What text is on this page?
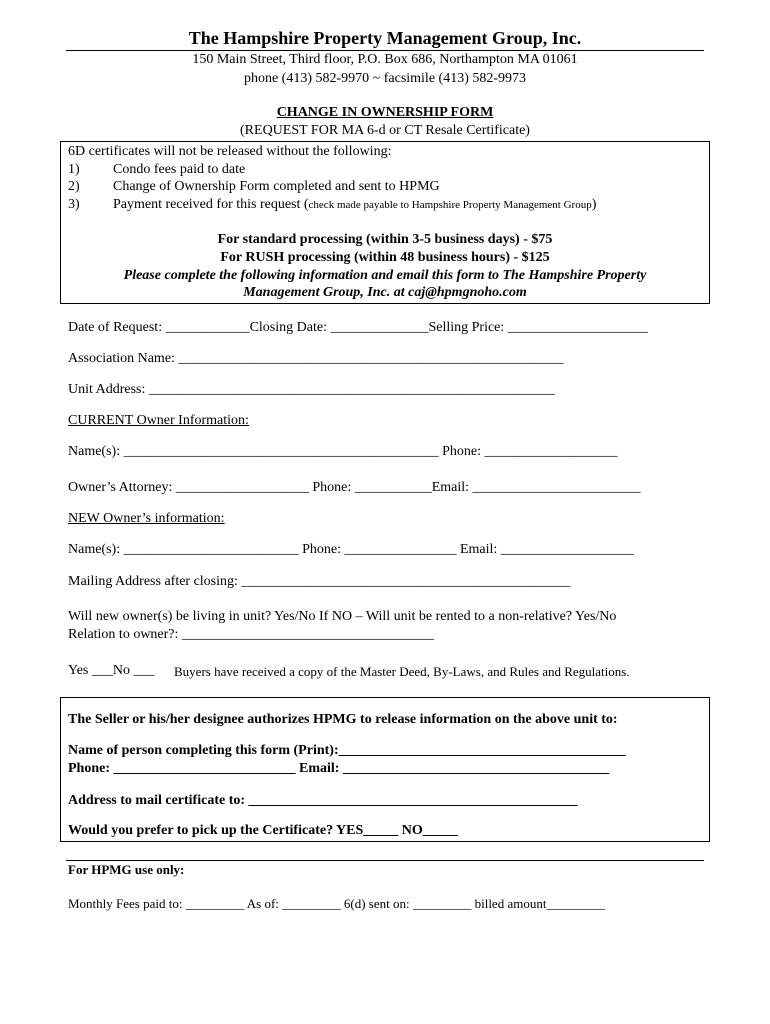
The Hampshire Property Management Group, Inc.
150 Main Street, Third floor, P.O. Box 686, Northampton MA 01061
phone (413) 582-9970 ~ facsimile (413) 582-9973
CHANGE IN OWNERSHIP FORM
(REQUEST FOR MA 6-d or CT Resale Certificate)
6D certificates will not be released without the following:
1) Condo fees paid to date
2) Change of Ownership Form completed and sent to HPMG
3) Payment received for this request (check made payable to Hampshire Property Management Group)
For standard processing (within 3-5 business days) - $75
For RUSH processing (within 48 business hours) - $125
Please complete the following information and email this form to The Hampshire Property
Management Group, Inc. at caj@hpmgnoho.com
Date of Request: ____________Closing Date: ______________Selling Price: ____________________
Association Name: _______________________________________________________
Unit Address: __________________________________________________________
CURRENT Owner Information:
Name(s): _____________________________________________ Phone: ___________________
Owner’s Attorney: ___________________ Phone: ___________Email: ________________________
NEW Owner’s information:
Name(s): _________________________ Phone: ________________ Email: ___________________
Mailing Address after closing: _______________________________________________
Will new owner(s) be living in unit? Yes/No If NO – Will unit be rented to a non-relative? Yes/No
Relation to owner?: ____________________________________
Yes ___No ___ Buyers have received a copy of the Master Deed, By-Laws, and Rules and Regulations.
The Seller or his/her designee authorizes HPMG to release information on the above unit to:
Name of person completing this form (Print):_________________________________________
Phone: __________________________ Email: ______________________________________
Address to mail certificate to: _______________________________________________
Would you prefer to pick up the Certificate? YES_____ NO_____
For HPMG use only:
Monthly Fees paid to: _________ As of: _________ 6(d) sent on: _________ billed amount_________
